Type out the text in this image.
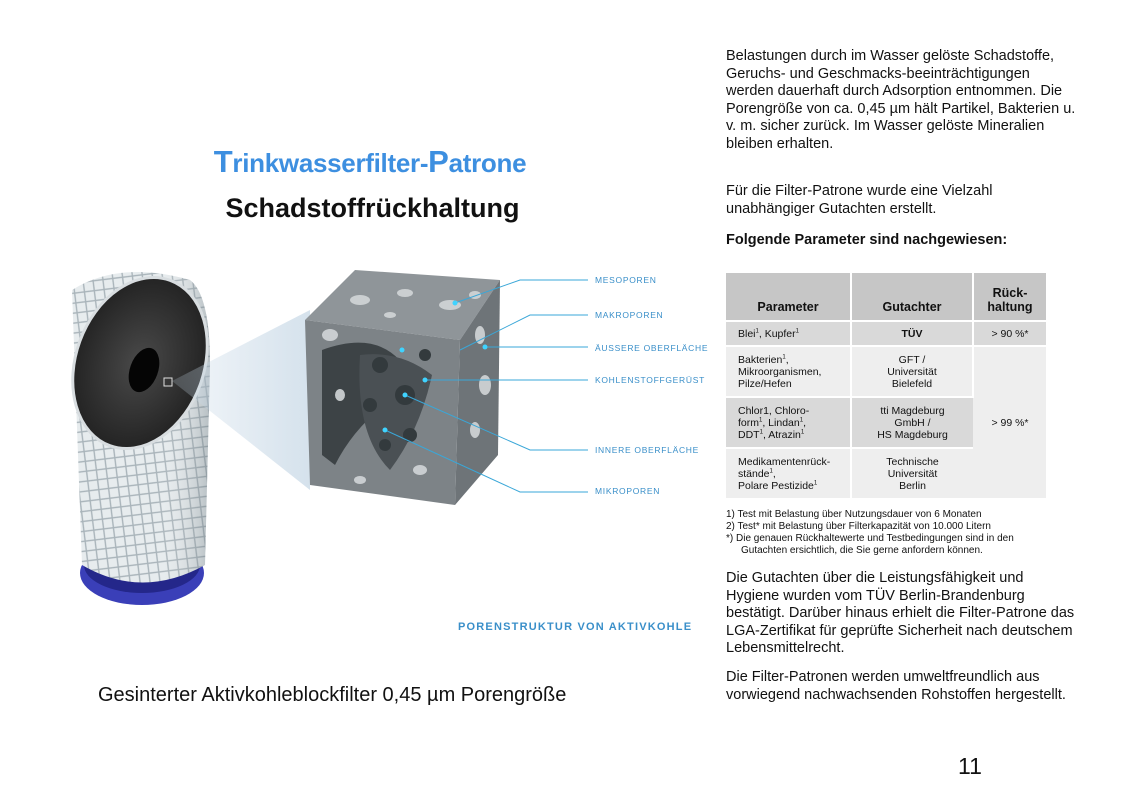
Trinkwasserfilter-Patrone
Schadstoffrückhaltung
MESOPOREN
MAKROPOREN
ÄUSSERE OBERFLÄCHE
KOHLENSTOFFGERÜST
INNERE OBERFLÄCHE
MIKROPOREN
PORENSTRUKTUR VON AKTIVKOHLE
Gesinterter Aktivkohleblockfilter 0,45 µm Porengröße

Belastungen durch im Wasser gelöste Schadstoffe, Geruchs- und Geschmacks-beeinträchtigungen werden dauerhaft durch Adsorption entnommen. Die Porengröße von ca. 0,45 µm hält Partikel, Bakterien u. v. m. sicher zurück. Im Wasser gelöste Mineralien bleiben erhalten.

Für die Filter-Patrone wurde eine Vielzahl unabhängiger Gutachten erstellt.

Folgende Parameter sind nachgewiesen:

Parameter	Gutachter	Rück-
haltung
Blei$^1$, Kupfer$^1$	TÜV	> 90 %*
Bakterien$^1$,
Mikroorganismen,
Pilze/Hefen	GFT /
Universität
Bielefeld	> 99 %*
Chlor1, Chloro-
form$^1$, Lindan$^1$,
DDT$^1$, Atrazin$^1$	tti Magdeburg
GmbH /
HS Magdeburg	
Medikamentenrück-
stände$^1$,
Polare Pestizide$^1$	Technische
Universität
Berlin	
1) Test mit Belastung über Nutzungsdauer von 6 Monaten
2) Test* mit Belastung über Filterkapazität von 10.000 Litern
*) Die genauen Rückhaltewerte und Testbedingungen sind in den
Gutachten ersichtlich, die Sie gerne anfordern können.

Die Gutachten über die Leistungsfähigkeit und Hygiene wurden vom TÜV Berlin-Brandenburg bestätigt. Darüber hinaus erhielt die Filter-Patrone das LGA-Zertifikat für geprüfte Sicherheit nach deutschem Lebensmittelrecht.

Die Filter-Patronen werden umweltfreundlich aus vorwiegend nachwachsenden Rohstoffen hergestellt.

11
